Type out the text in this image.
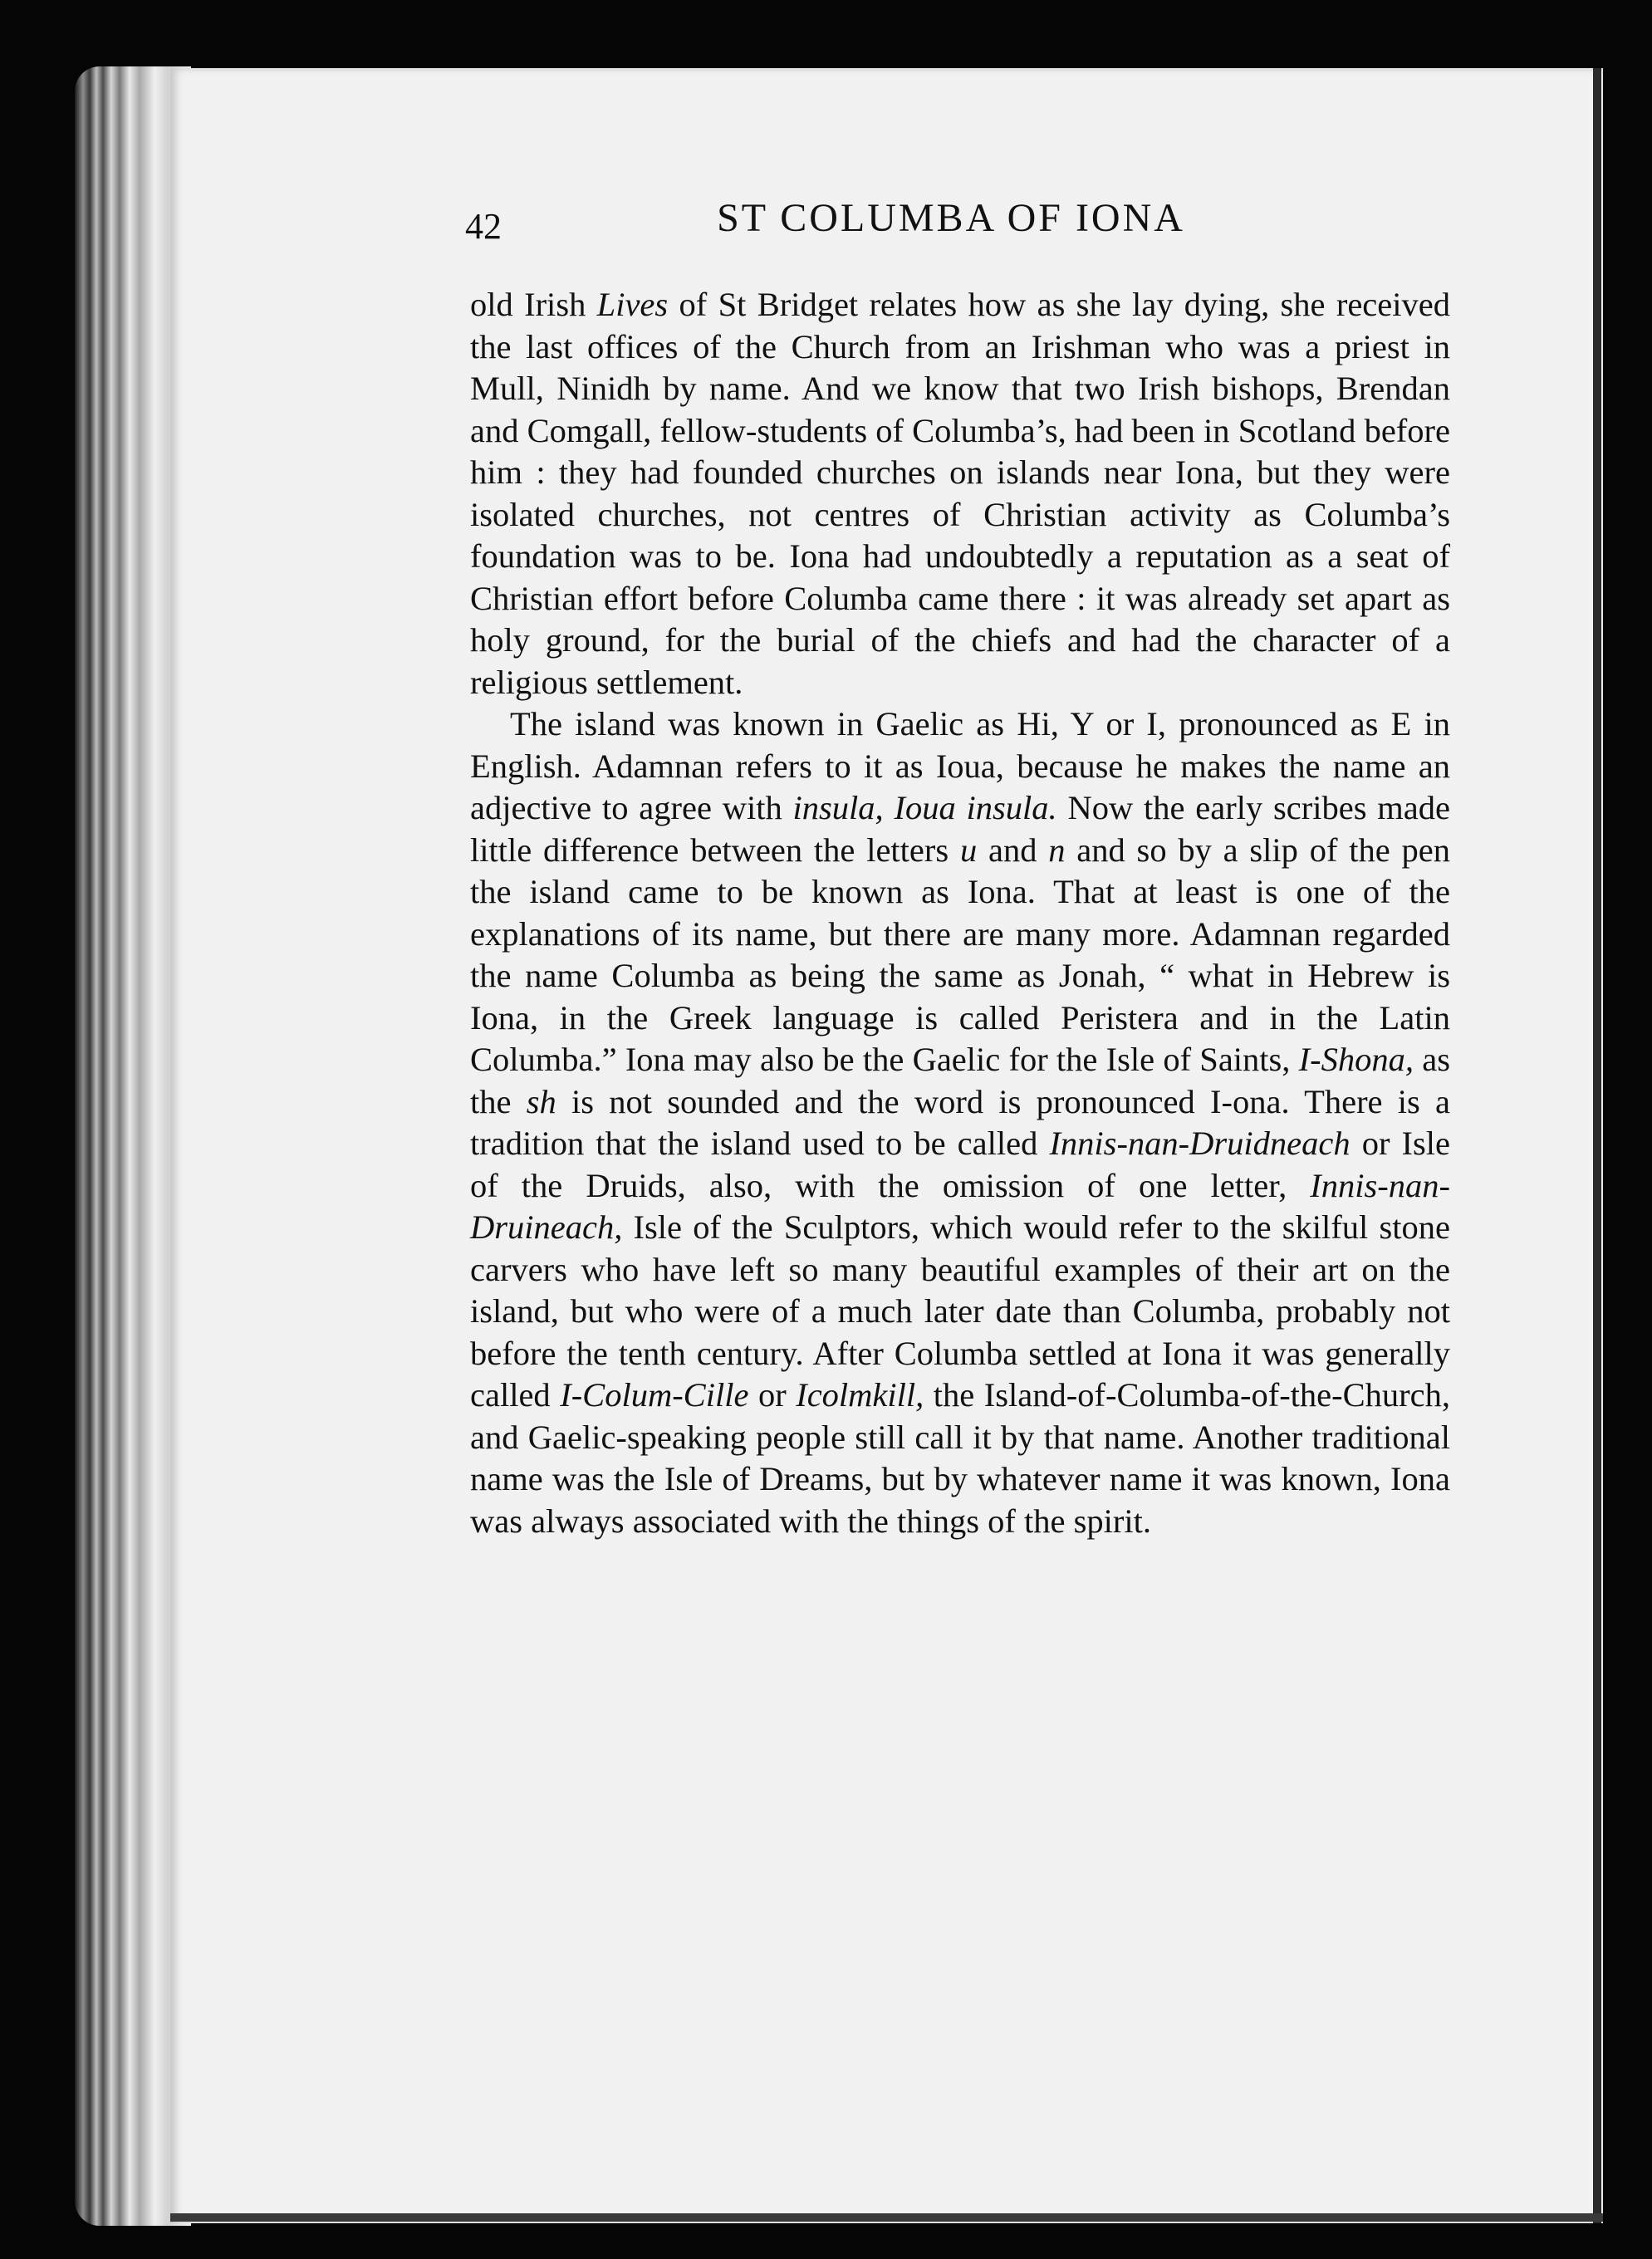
42	ST COLUMBA OF IONA

old Irish Lives of St Bridget relates how as she lay dying, she received the last offices of the Church from an Irishman who was a priest in Mull, Ninidh by name. And we know that two Irish bishops, Brendan and Comgall, fellow-students of Columba’s, had been in Scotland before him : they had founded churches on islands near Iona, but they were isolated churches, not centres of Christian activity as Columba’s foundation was to be. Iona had undoubtedly a reputation as a seat of Christian effort before Columba came there : it was already set apart as holy ground, for the burial of the chiefs and had the character of a religious settlement.

The island was known in Gaelic as Hi, Y or I, pronounced as E in English. Adamnan refers to it as Ioua, because he makes the name an adjective to agree with insula, Ioua insula. Now the early scribes made little difference between the letters u and n and so by a slip of the pen the island came to be known as Iona. That at least is one of the explanations of its name, but there are many more. Adamnan regarded the name Columba as being the same as Jonah, “ what in Hebrew is Iona, in the Greek language is called Peristera and in the Latin Columba.” Iona may also be the Gaelic for the Isle of Saints, I-Shona, as the sh is not sounded and the word is pronounced I-ona. There is a tradition that the island used to be called Innis-nan-Druidneach or Isle of the Druids, also, with the omission of one letter, Innis-nan-Druineach, Isle of the Sculptors, which would refer to the skilful stone carvers who have left so many beautiful examples of their art on the island, but who were of a much later date than Columba, probably not before the tenth century. After Columba settled at Iona it was generally called I-Colum-Cille or Icolmkill, the Island-of-Columba-of-the-Church, and Gaelic-speaking people still call it by that name. Another traditional name was the Isle of Dreams, but by whatever name it was known, Iona was always associated with the things of the spirit.
